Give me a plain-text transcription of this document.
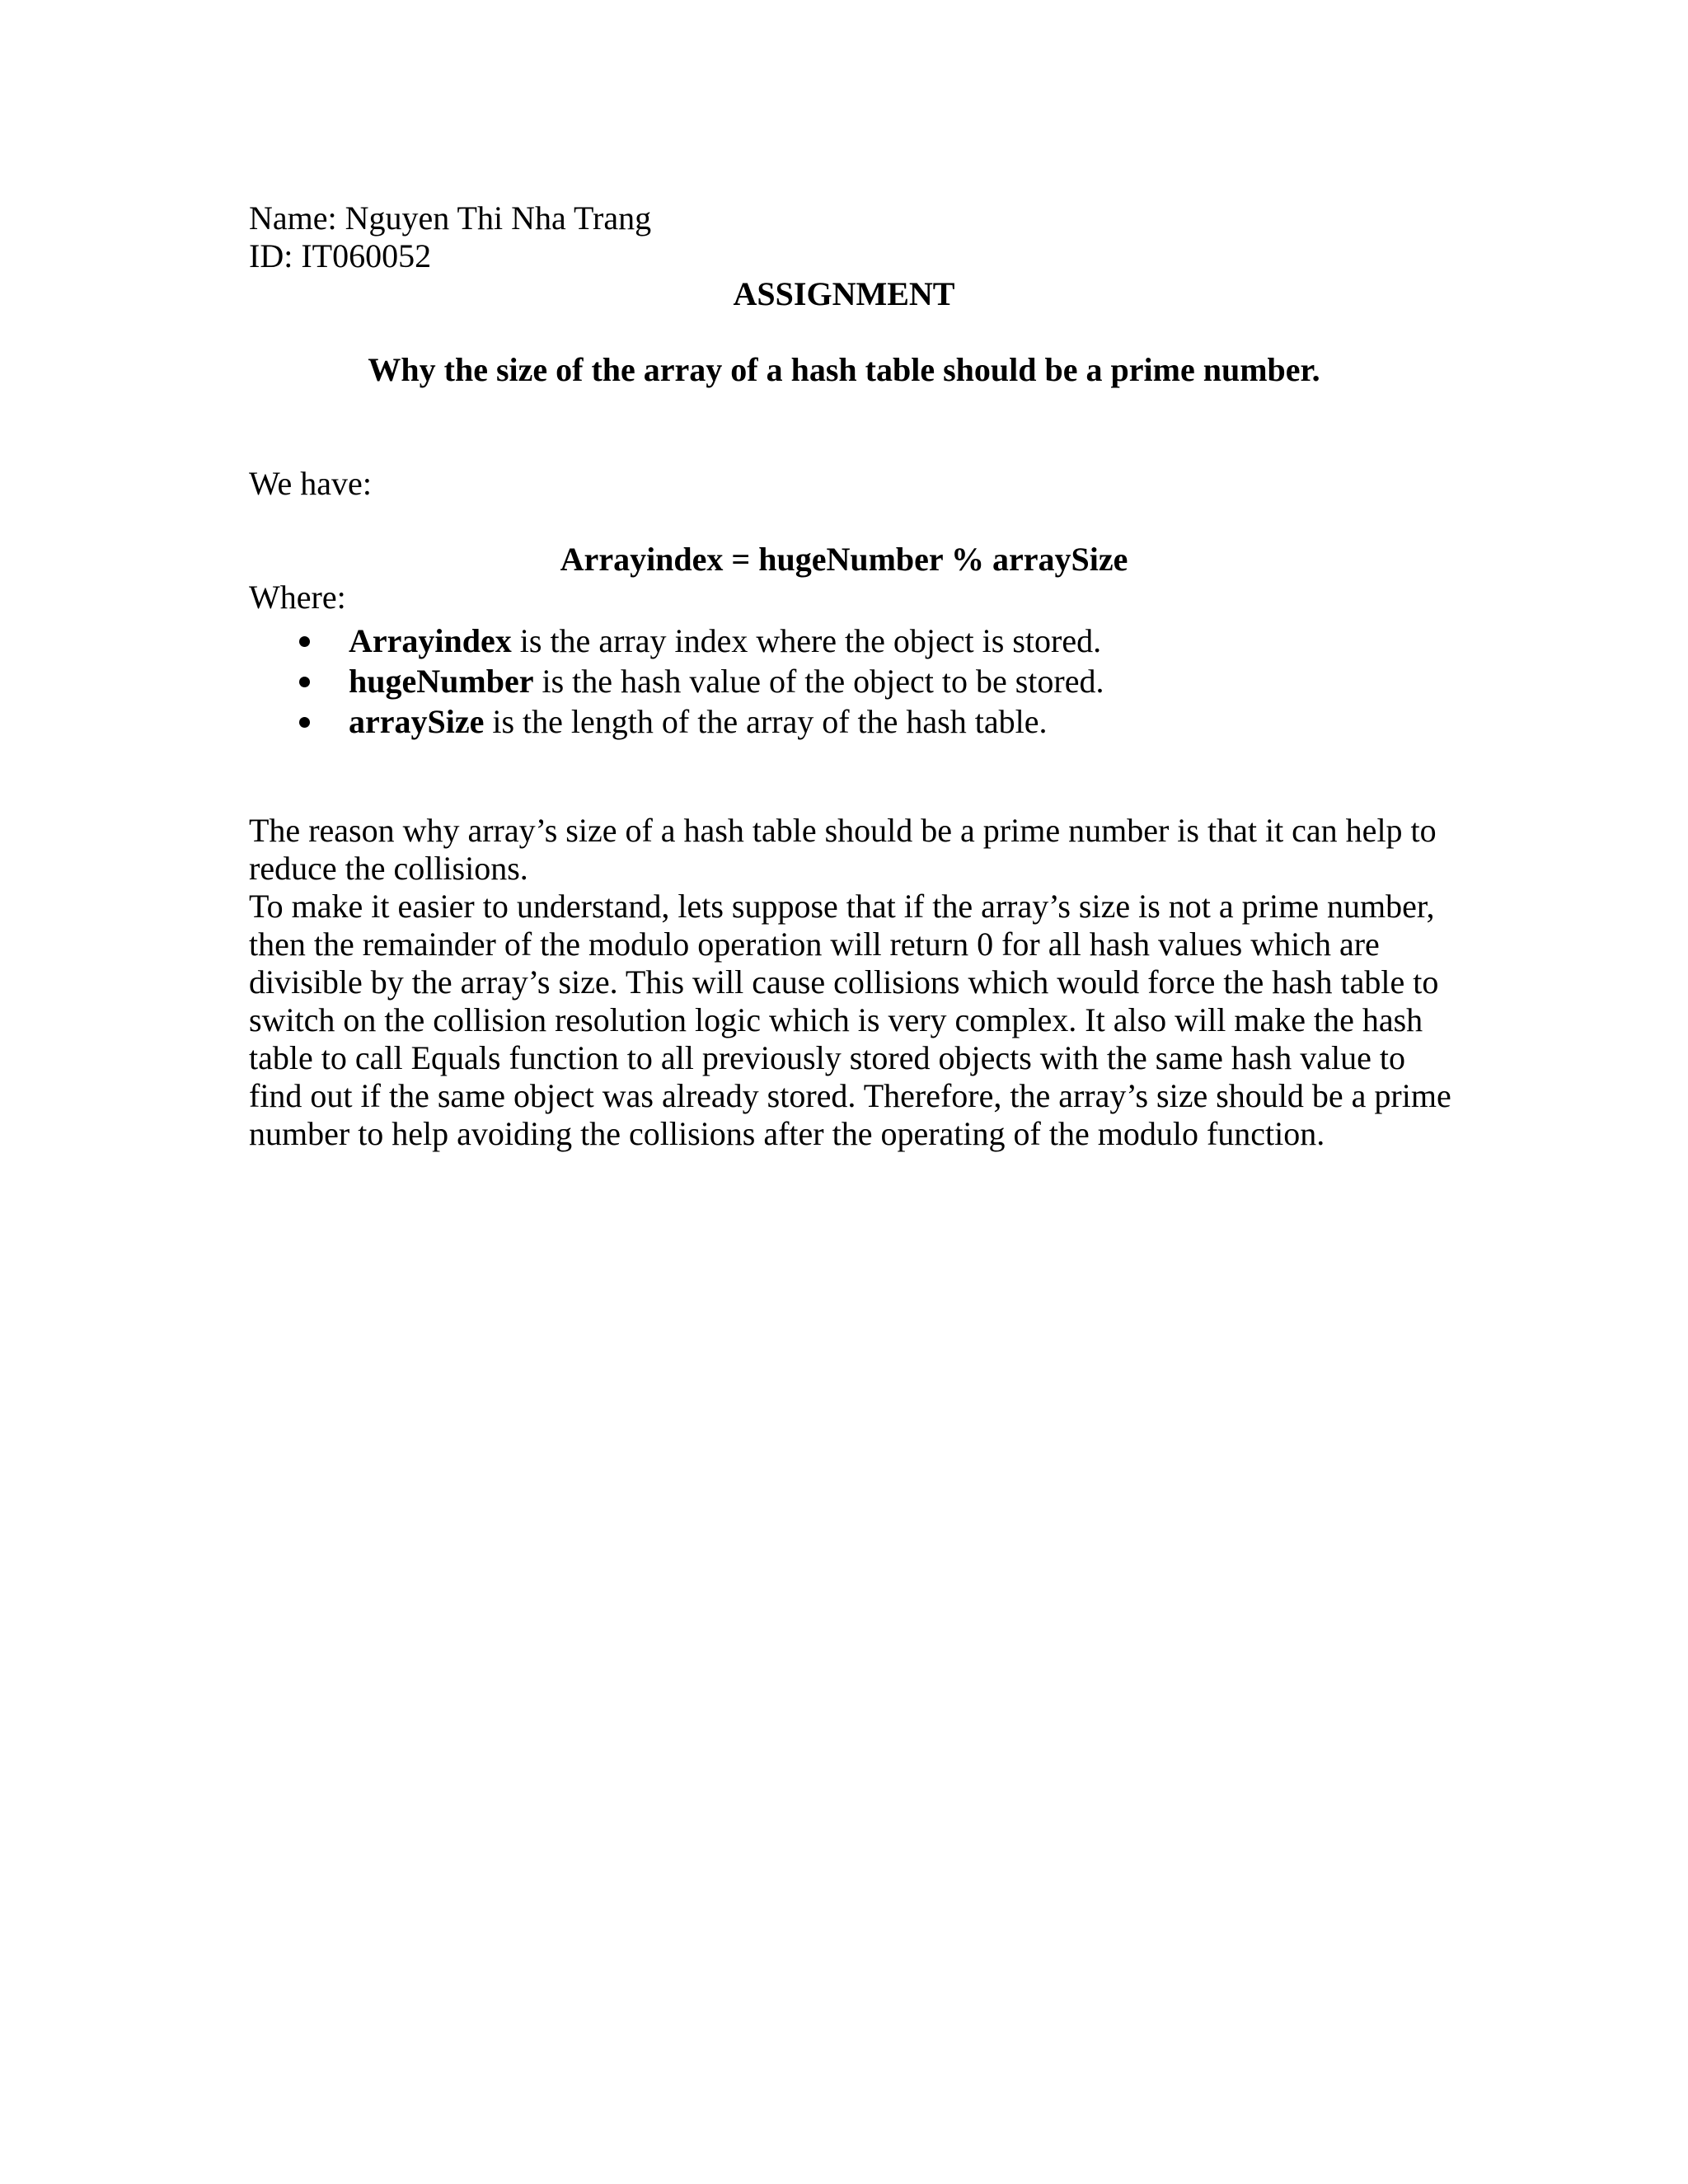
Name: Nguyen Thi Nha Trang
ID: IT060052
ASSIGNMENT
Why the size of the array of a hash table should be a prime number.
We have:
Arrayindex = hugeNumber % arraySize
Where:
Arrayindex is the array index where the object is stored.
hugeNumber is the hash value of the object to be stored.
arraySize is the length of the array of the hash table.

The reason why array’s size of a hash table should be a prime number is that it can help to reduce the collisions.

To make it easier to understand, lets suppose that if the array’s size is not a prime number, then the remainder of the modulo operation will return 0 for all hash values which are divisible by the array’s size. This will cause collisions which would force the hash table to switch on the collision resolution logic which is very complex. It also will make the hash table to call Equals function to all previously stored objects with the same hash value to find out if the same object was already stored. Therefore, the array’s size should be a prime number to help avoiding the collisions after the operating of the modulo function.
